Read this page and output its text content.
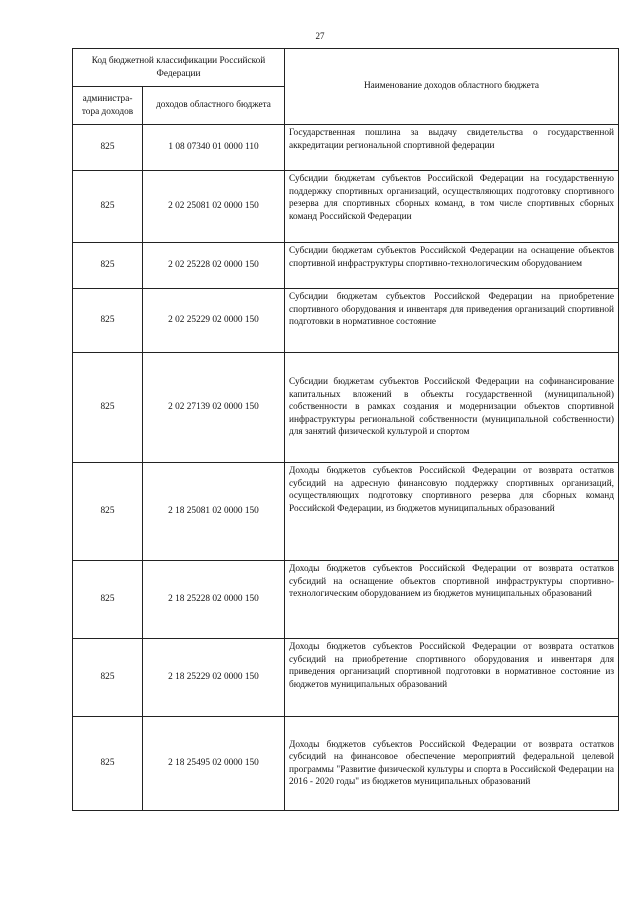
27
Код бюджетной классификации Российской Федерации		Наименование доходов областного бюджета
администра-тора доходов	доходов областного бюджета	
825	1 08 07340 01 0000 110	Государственная пошлина за выдачу свидетельства о государственной аккредитации региональной спортивной федерации
825	2 02 25081 02 0000 150	Субсидии бюджетам субъектов Российской Федерации на государственную поддержку спортивных организаций, осуществляющих подготовку спортивного резерва для спортивных сборных команд, в том числе спортивных сборных команд Российской Федерации
825	2 02 25228 02 0000 150	Субсидии бюджетам субъектов Российской Федерации на оснащение объектов спортивной инфраструктуры спортивно-технологическим оборудованием
825	2 02 25229 02 0000 150	Субсидии бюджетам субъектов Российской Федерации на приобретение спортивного оборудования и инвентаря для приведения организаций спортивной подготовки в нормативное состояние
825	2 02 27139 02 0000 150	Субсидии бюджетам субъектов Российской Федерации на софинансирование капитальных вложений в объекты государственной (муниципальной) собственности в рамках создания и модернизации объектов спортивной инфраструктуры региональной собственности (муниципальной собственности) для занятий физической культурой и спортом
825	2 18 25081 02 0000 150	Доходы бюджетов субъектов Российской Федерации от возврата остатков субсидий на адресную финансовую поддержку спортивных организаций, осуществляющих подготовку спортивного резерва для сборных команд Российской Федерации, из бюджетов муниципальных образований
825	2 18 25228 02 0000 150	Доходы бюджетов субъектов Российской Федерации от возврата остатков субсидий на оснащение объектов спортивной инфраструктуры спортивно-технологическим оборудованием из бюджетов муниципальных образований
825	2 18 25229 02 0000 150	Доходы бюджетов субъектов Российской Федерации от возврата остатков субсидий на приобретение спортивного оборудования и инвентаря для приведения организаций спортивной подготовки в нормативное состояние из бюджетов муниципальных образований
825	2 18 25495 02 0000 150	Доходы бюджетов субъектов Российской Федерации от возврата остатков субсидий на финансовое обеспечение мероприятий федеральной целевой программы "Развитие физической культуры и спорта в Российской Федерации на 2016 - 2020 годы" из бюджетов муниципальных образований
